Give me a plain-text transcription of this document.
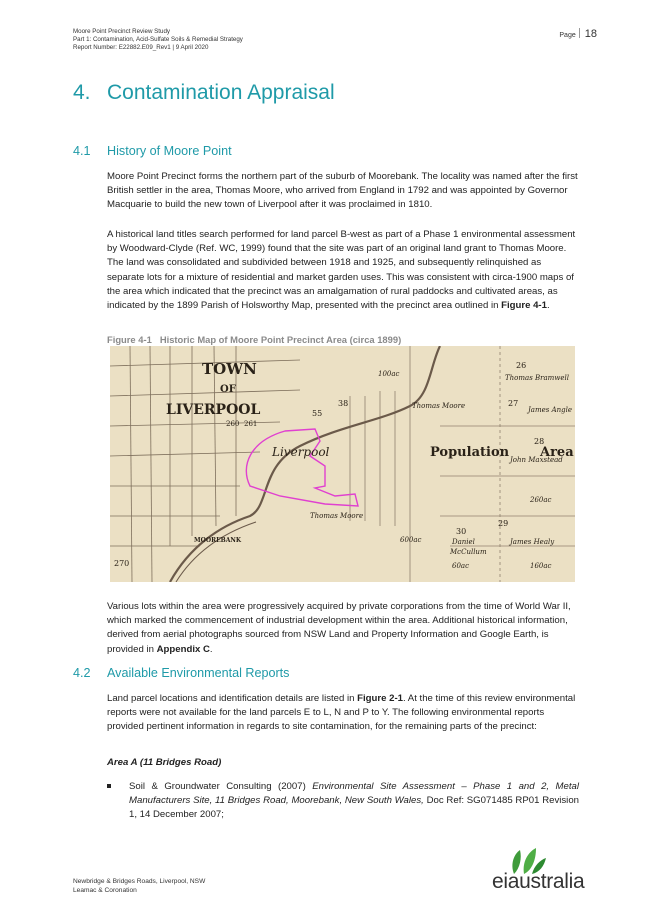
Moore Point Precinct Review Study
Part 1: Contamination, Acid-Sulfate Soils & Remedial Strategy
Report Number: E22882.E09_Rev1 | 9 April 2020
Page 18
4. Contamination Appraisal
4.1	History of Moore Point

Moore Point Precinct forms the northern part of the suburb of Moorebank. The locality was named after the first British settler in the area, Thomas Moore, who arrived from England in 1792 and was appointed by Governor Macquarie to build the new town of Liverpool after it was proclaimed in 1810.

A historical land titles search performed for land parcel B-west as part of a Phase 1 environmental assessment by Woodward-Clyde (Ref. WC, 1999) found that the site was part of an original land grant to Thomas Moore. The land was consolidated and subdivided between 1918 and 1925, and subsequently relinquished as separate lots for a mixture of residential and market garden uses. This was consistent with circa-1900 maps of the area which indicated that the precinct was an amalgamation of rural paddocks and cultivated areas, as indicated by the 1899 Parish of Holsworthy Map, presented with the precinct area outlined in Figure 4-1.

Figure 4-1 Historic Map of Moore Point Precinct Area (circa 1899)
TOWN
OF
LIVERPOOL
Liverpool	Population Area
Thomas Moore
Thomas Moore
Thomas Bramwell
James Angle
John Maxstead
Daniel
McCullum
James Healy
260 261
100ac
600ac
160ac
60ac
260ac
26
27
28
29
30
38
55
270
MOOREBANK

Various lots within the area were progressively acquired by private corporations from the time of World War II, which marked the commencement of industrial development within the area. Additional historical information, derived from aerial photographs sourced from NSW Land and Property Information and Google Earth, is provided in Appendix C.

4.2	Available Environmental Reports

Land parcel locations and identification details are listed in Figure 2-1. At the time of this review environmental reports were not available for the land parcels E to L, N and P to Y. The following environmental reports provided pertinent information in regards to site contamination, for the remaining parts of the precinct:

Area A (11 Bridges Road)
Soil & Groundwater Consulting (2007) Environmental Site Assessment – Phase 1 and 2, Metal Manufacturers Site, 11 Bridges Road, Moorebank, New South Wales, Doc Ref: SG071485 RP01 Revision 1, 14 December 2007;
Newbridge & Bridges Roads, Liverpool, NSW
Leamac & Coronation	eiaustralia
